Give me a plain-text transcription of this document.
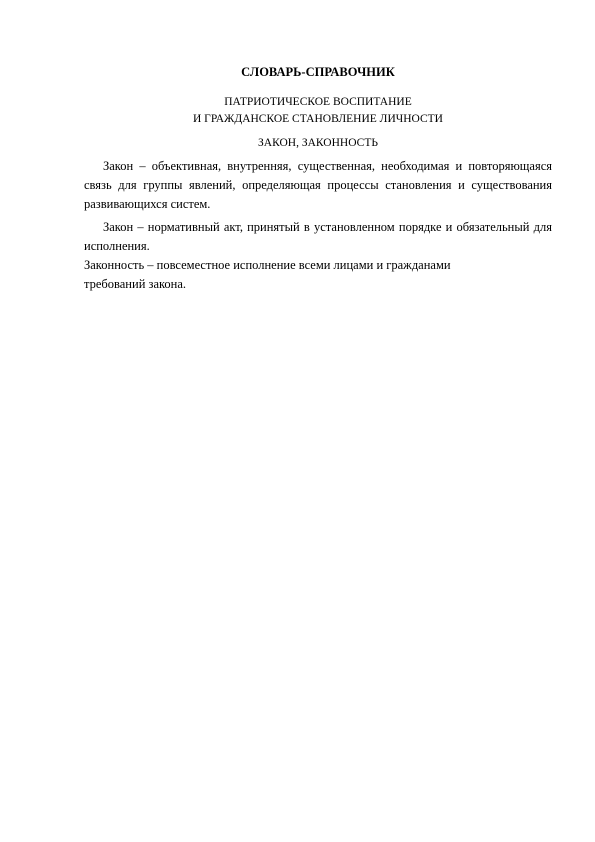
СЛОВАРЬ-СПРАВОЧНИК
ПАТРИОТИЧЕСКОЕ ВОСПИТАНИЕ
И ГРАЖДАНСКОЕ СТАНОВЛЕНИЕ ЛИЧНОСТИ
ЗАКОН, ЗАКОННОСТЬ

Закон – объективная, внутренняя, существенная, необходимая и повторяющаяся связь для группы явлений, определяющая процессы становления и существования развивающихся систем.

Закон – нормативный акт, принятый в установленном порядке и обязательный для исполнения.

Законность – повсеместное исполнение всеми лицами и гражданами требований закона.
